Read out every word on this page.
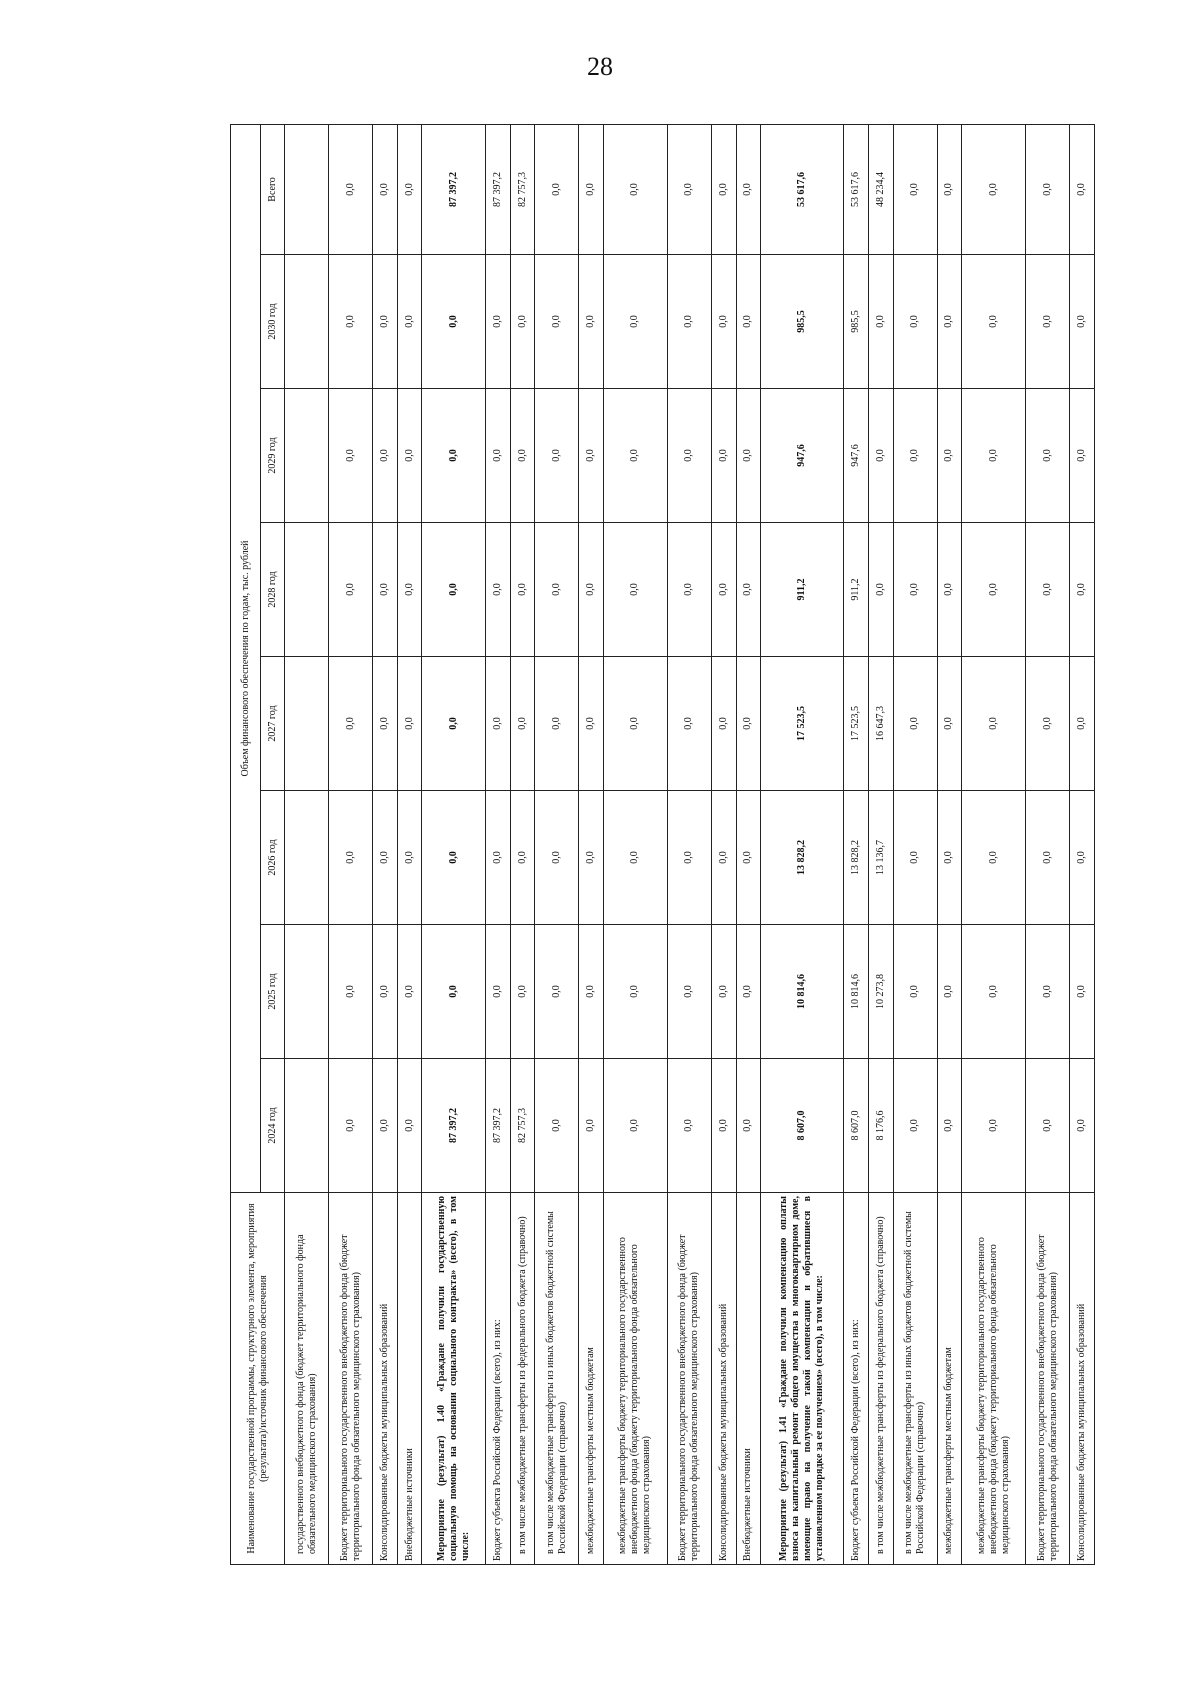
28
Наименование государственной программы, структурного элемента, мероприятия (результата)/источник финансового обеспечения	Объем финансового обеспечения по годам, тыс. рублей							
	2024 год	2025 год	2026 год	2027 год	2028 год	2029 год	2030 год	Всего
государственного внебюджетного фонда (бюджет территориального фонда обязательного медицинского страхования)								
Бюджет территориального государственного внебюджетного фонда (бюджет территориального фонда обязательного медицинского страхования)	0,0	0,0	0,0	0,0	0,0	0,0	0,0	0,0
Консолидированные бюджеты муниципальных образований	0,0	0,0	0,0	0,0	0,0	0,0	0,0	0,0
Внебюджетные источники	0,0	0,0	0,0	0,0	0,0	0,0	0,0	0,0
Мероприятие (результат) 1.40 «Граждане получили государственную социальную помощь на основании социального контракта» (всего), в том числе:	87 397,2	0,0	0,0	0,0	0,0	0,0	0,0	87 397,2
Бюджет субъекта Российской Федерации (всего), из них:	87 397,2	0,0	0,0	0,0	0,0	0,0	0,0	87 397,2
в том числе межбюджетные трансферты из федерального бюджета (справочно)	82 757,3	0,0	0,0	0,0	0,0	0,0	0,0	82 757,3
в том числе межбюджетные трансферты из иных бюджетов бюджетной системы Российской Федерации (справочно)	0,0	0,0	0,0	0,0	0,0	0,0	0,0	0,0
межбюджетные трансферты местным бюджетам	0,0	0,0	0,0	0,0	0,0	0,0	0,0	0,0
межбюджетные трансферты бюджету территориального государственного внебюджетного фонда (бюджету территориального фонда обязательного медицинского страхования)	0,0	0,0	0,0	0,0	0,0	0,0	0,0	0,0
Бюджет территориального государственного внебюджетного фонда (бюджет территориального фонда обязательного медицинского страхования)	0,0	0,0	0,0	0,0	0,0	0,0	0,0	0,0
Консолидированные бюджеты муниципальных образований	0,0	0,0	0,0	0,0	0,0	0,0	0,0	0,0
Внебюджетные источники	0,0	0,0	0,0	0,0	0,0	0,0	0,0	0,0
Мероприятие (результат) 1.41 «Граждане получили компенсацию оплаты взноса на капитальный ремонт общего имущества в многоквартирном доме, имеющие право на получение такой компенсации и обратившиеся в установленном порядке за ее получением» (всего), в том числе:	8 607,0	10 814,6	13 828,2	17 523,5	911,2	947,6	985,5	53 617,6
Бюджет субъекта Российской Федерации (всего), из них:	8 607,0	10 814,6	13 828,2	17 523,5	911,2	947,6	985,5	53 617,6
в том числе межбюджетные трансферты из федерального бюджета (справочно)	8 176,6	10 273,8	13 136,7	16 647,3	0,0	0,0	0,0	48 234,4
в том числе межбюджетные трансферты из иных бюджетов бюджетной системы Российской Федерации (справочно)	0,0	0,0	0,0	0,0	0,0	0,0	0,0	0,0
межбюджетные трансферты местным бюджетам	0,0	0,0	0,0	0,0	0,0	0,0	0,0	0,0
межбюджетные трансферты бюджету территориального государственного внебюджетного фонда (бюджету территориального фонда обязательного медицинского страхования)	0,0	0,0	0,0	0,0	0,0	0,0	0,0	0,0
Бюджет территориального государственного внебюджетного фонда (бюджет территориального фонда обязательного медицинского страхования)	0,0	0,0	0,0	0,0	0,0	0,0	0,0	0,0
Консолидированные бюджеты муниципальных образований	0,0	0,0	0,0	0,0	0,0	0,0	0,0	0,0
